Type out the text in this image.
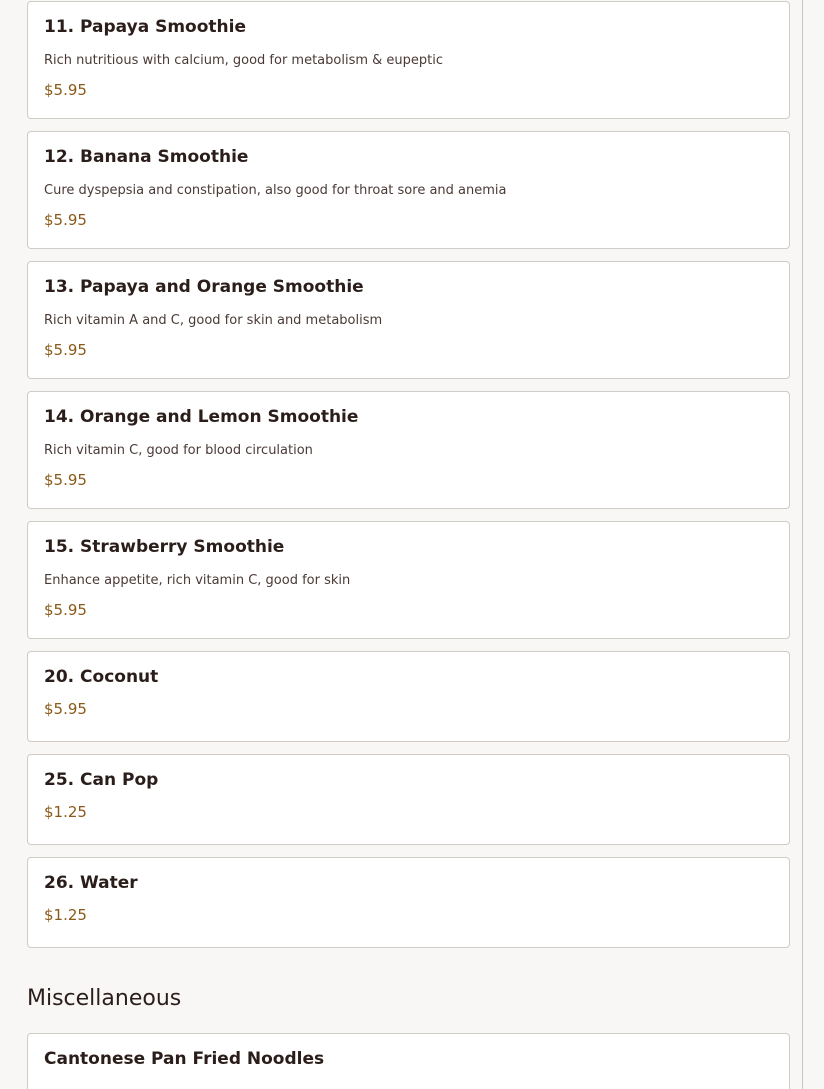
11. Papaya Smoothie
Rich nutritious with calcium, good for metabolism & eupeptic
$5.95
12. Banana Smoothie
Cure dyspepsia and constipation, also good for throat sore and anemia
$5.95
13. Papaya and Orange Smoothie
Rich vitamin A and C, good for skin and metabolism
$5.95
14. Orange and Lemon Smoothie
Rich vitamin C, good for blood circulation
$5.95
15. Strawberry Smoothie
Enhance appetite, rich vitamin C, good for skin
$5.95
20. Coconut
$5.95
25. Can Pop
$1.25
26. Water
$1.25
Miscellaneous
Cantonese Pan Fried Noodles
